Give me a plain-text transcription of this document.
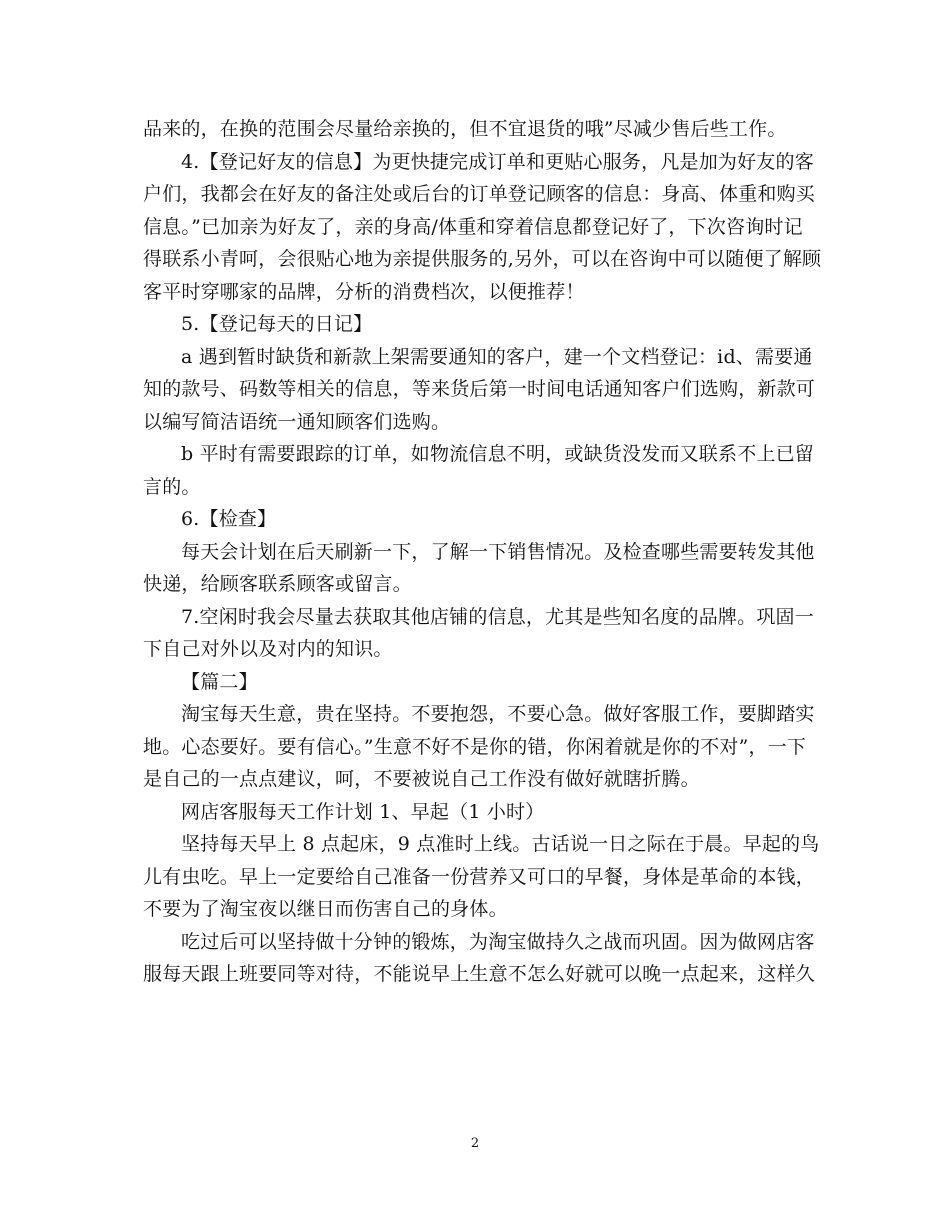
品来的，在换的范围会尽量给亲换的，但不宜退货的哦”尽减少售后些工作。
4.【登记好友的信息】为更快捷完成订单和更贴心服务，凡是加为好友的客
户们，我都会在好友的备注处或后台的订单登记顾客的信息：身高、体重和购买
信息。”已加亲为好友了，亲的身高/体重和穿着信息都登记好了，下次咨询时记
得联系小青呵，会很贴心地为亲提供服务的,另外，可以在咨询中可以随便了解顾
客平时穿哪家的品牌，分析的消费档次，以便推荐！
5.【登记每天的日记】
a 遇到暂时缺货和新款上架需要通知的客户，建一个文档登记：id、需要通
知的款号、码数等相关的信息，等来货后第一时间电话通知客户们选购，新款可
以编写简洁语统一通知顾客们选购。
b 平时有需要跟踪的订单，如物流信息不明，或缺货没发而又联系不上已留
言的。
6.【检查】
每天会计划在后天刷新一下，了解一下销售情况。及检查哪些需要转发其他
快递，给顾客联系顾客或留言。
7.空闲时我会尽量去获取其他店铺的信息，尤其是些知名度的品牌。巩固一
下自己对外以及对内的知识。
【篇二】
淘宝每天生意，贵在坚持。不要抱怨，不要心急。做好客服工作，要脚踏实
地。心态要好。要有信心。”生意不好不是你的错，你闲着就是你的不对”，一下
是自己的一点点建议，呵，不要被说自己工作没有做好就瞎折腾。
网店客服每天工作计划 1、早起（1 小时）
坚持每天早上 8 点起床，9 点准时上线。古话说一日之际在于晨。早起的鸟
儿有虫吃。早上一定要给自己准备一份营养又可口的早餐，身体是革命的本钱，
不要为了淘宝夜以继日而伤害自己的身体。
吃过后可以坚持做十分钟的锻炼，为淘宝做持久之战而巩固。因为做网店客
服每天跟上班要同等对待，不能说早上生意不怎么好就可以晚一点起来，这样久
2
